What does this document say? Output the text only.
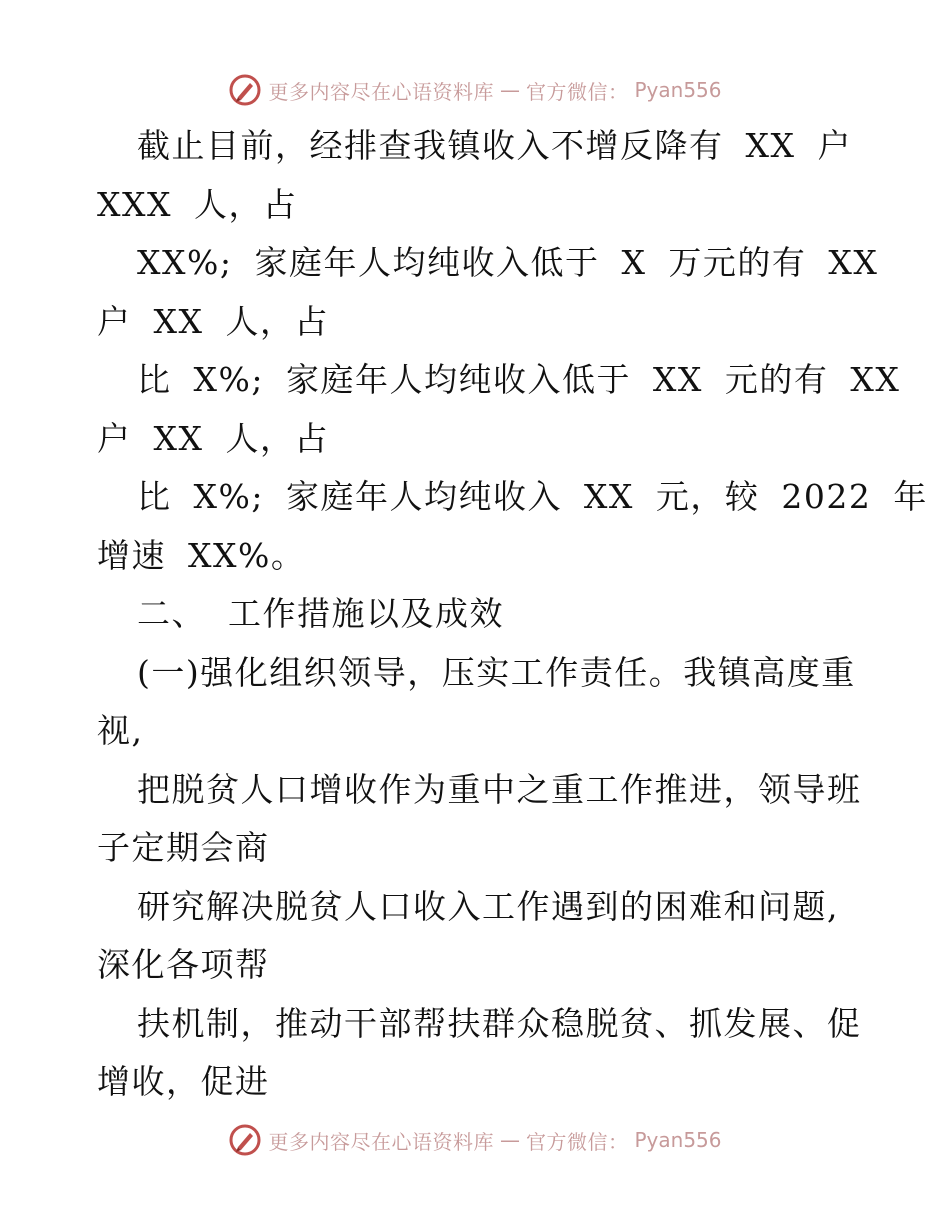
更多内容尽在心语资料库 — 官方微信： Pyan556
截止目前，经排查我镇收入不增反降有 XX 户
XXX 人，占
XX%; 家庭年人均纯收入低于 X 万元的有 XX
户 XX 人，占
比 X%; 家庭年人均纯收入低于 XX 元的有 XX
户 XX 人，占
比 X%; 家庭年人均纯收入 XX 元，较 2022 年
增速 XX%。
二、 工作措施以及成效
(一)强化组织领导，压实工作责任。我镇高度重
视,
把脱贫人口增收作为重中之重工作推进，领导班
子定期会商
研究解决脱贫人口收入工作遇到的困难和问题,
深化各项帮
扶机制，推动干部帮扶群众稳脱贫、抓发展、促
增收，促进
更多内容尽在心语资料库 — 官方微信： Pyan556
